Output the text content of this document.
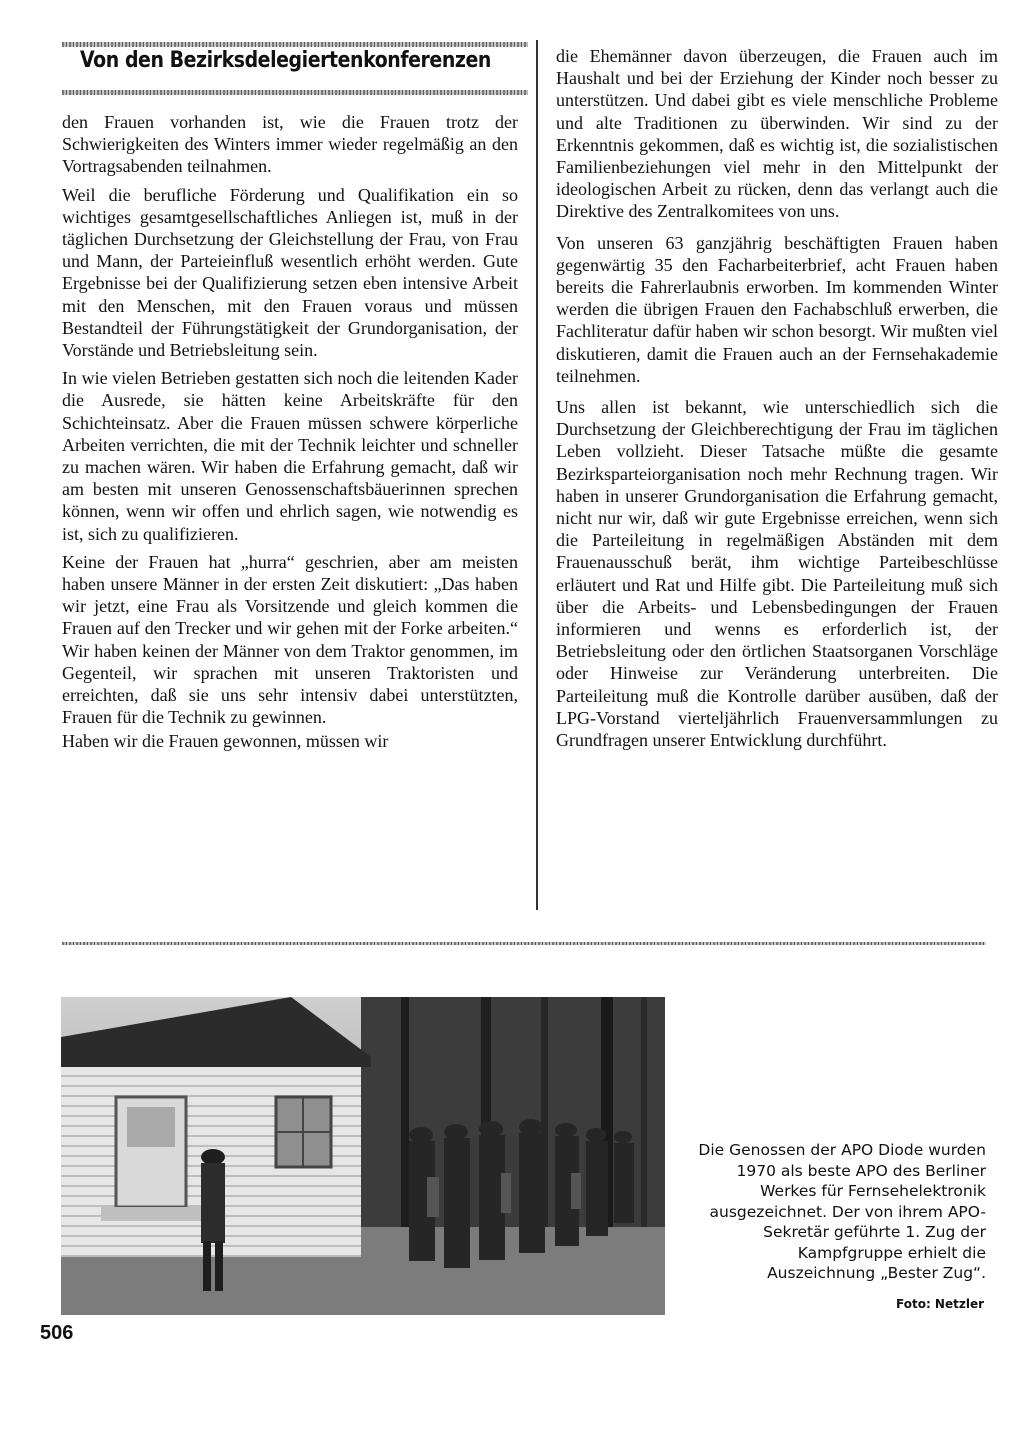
Von den Bezirksdelegiertenkonferenzen

den Frauen vorhanden ist, wie die Frauen trotz der Schwierigkeiten des Winters immer wieder regelmäßig an den Vortragsabenden teilnahmen.

Weil die berufliche Förderung und Qualifikation ein so wichtiges gesamtgesellschaftliches Anliegen ist, muß in der täglichen Durchsetzung der Gleichstellung der Frau, von Frau und Mann, der Parteieinfluß wesentlich erhöht werden. Gute Ergebnisse bei der Qualifizierung setzen eben intensive Arbeit mit den Menschen, mit den Frauen voraus und müssen Bestandteil der Führungstätigkeit der Grundorganisation, der Vorstände und Betriebsleitung sein.

In wie vielen Betrieben gestatten sich noch die leitenden Kader die Ausrede, sie hätten keine Arbeitskräfte für den Schichteinsatz. Aber die Frauen müssen schwere körperliche Arbeiten verrichten, die mit der Technik leichter und schneller zu machen wären. Wir haben die Erfahrung gemacht, daß wir am besten mit unseren Genossenschaftsbäuerinnen sprechen können, wenn wir offen und ehrlich sagen, wie notwendig es ist, sich zu qualifizieren.

Keine der Frauen hat „hurra“ geschrien, aber am meisten haben unsere Männer in der ersten Zeit diskutiert: „Das haben wir jetzt, eine Frau als Vorsitzende und gleich kommen die Frauen auf den Trecker und wir gehen mit der Forke arbeiten.“ Wir haben keinen der Männer von dem Traktor genommen, im Gegenteil, wir sprachen mit unseren Traktoristen und erreichten, daß sie uns sehr intensiv dabei unterstützten, Frauen für die Technik zu gewinnen.

Haben wir die Frauen gewonnen, müssen wir

die Ehemänner davon überzeugen, die Frauen auch im Haushalt und bei der Erziehung der Kinder noch besser zu unterstützen. Und dabei gibt es viele menschliche Probleme und alte Traditionen zu überwinden. Wir sind zu der Erkenntnis gekommen, daß es wichtig ist, die sozialistischen Familienbeziehungen viel mehr in den Mittelpunkt der ideologischen Arbeit zu rücken, denn das verlangt auch die Direktive des Zentralkomitees von uns.

Von unseren 63 ganzjährig beschäftigten Frauen haben gegenwärtig 35 den Facharbeiterbrief, acht Frauen haben bereits die Fahrerlaubnis erworben. Im kommenden Winter werden die übrigen Frauen den Fachabschluß erwerben, die Fachliteratur dafür haben wir schon besorgt. Wir mußten viel diskutieren, damit die Frauen auch an der Fernsehakademie teilnehmen.

Uns allen ist bekannt, wie unterschiedlich sich die Durchsetzung der Gleichberechtigung der Frau im täglichen Leben vollzieht. Dieser Tatsache müßte die gesamte Bezirksparteiorganisation noch mehr Rechnung tragen. Wir haben in unserer Grundorganisation die Erfahrung gemacht, nicht nur wir, daß wir gute Ergebnisse erreichen, wenn sich die Parteileitung in regelmäßigen Abständen mit dem Frauenausschuß berät, ihm wichtige Parteibeschlüsse erläutert und Rat und Hilfe gibt. Die Parteileitung muß sich über die Arbeits- und Lebensbedingungen der Frauen informieren und wenns es erforderlich ist, der Betriebsleitung oder den örtlichen Staatsorganen Vorschläge oder Hinweise zur Veränderung unterbreiten. Die Parteileitung muß die Kontrolle darüber ausüben, daß der LPG-Vorstand vierteljährlich Frauenversammlungen zu Grundfragen unserer Entwicklung durchführt.

Die Genossen der APO Diode wurden 1970 als beste APO des Berliner Werkes für Fernsehelektronik ausgezeichnet. Der von ihrem APO-Sekretär geführte 1. Zug der Kampfgruppe erhielt die Auszeichnung „Bester Zug“.
Foto: Netzler
506
